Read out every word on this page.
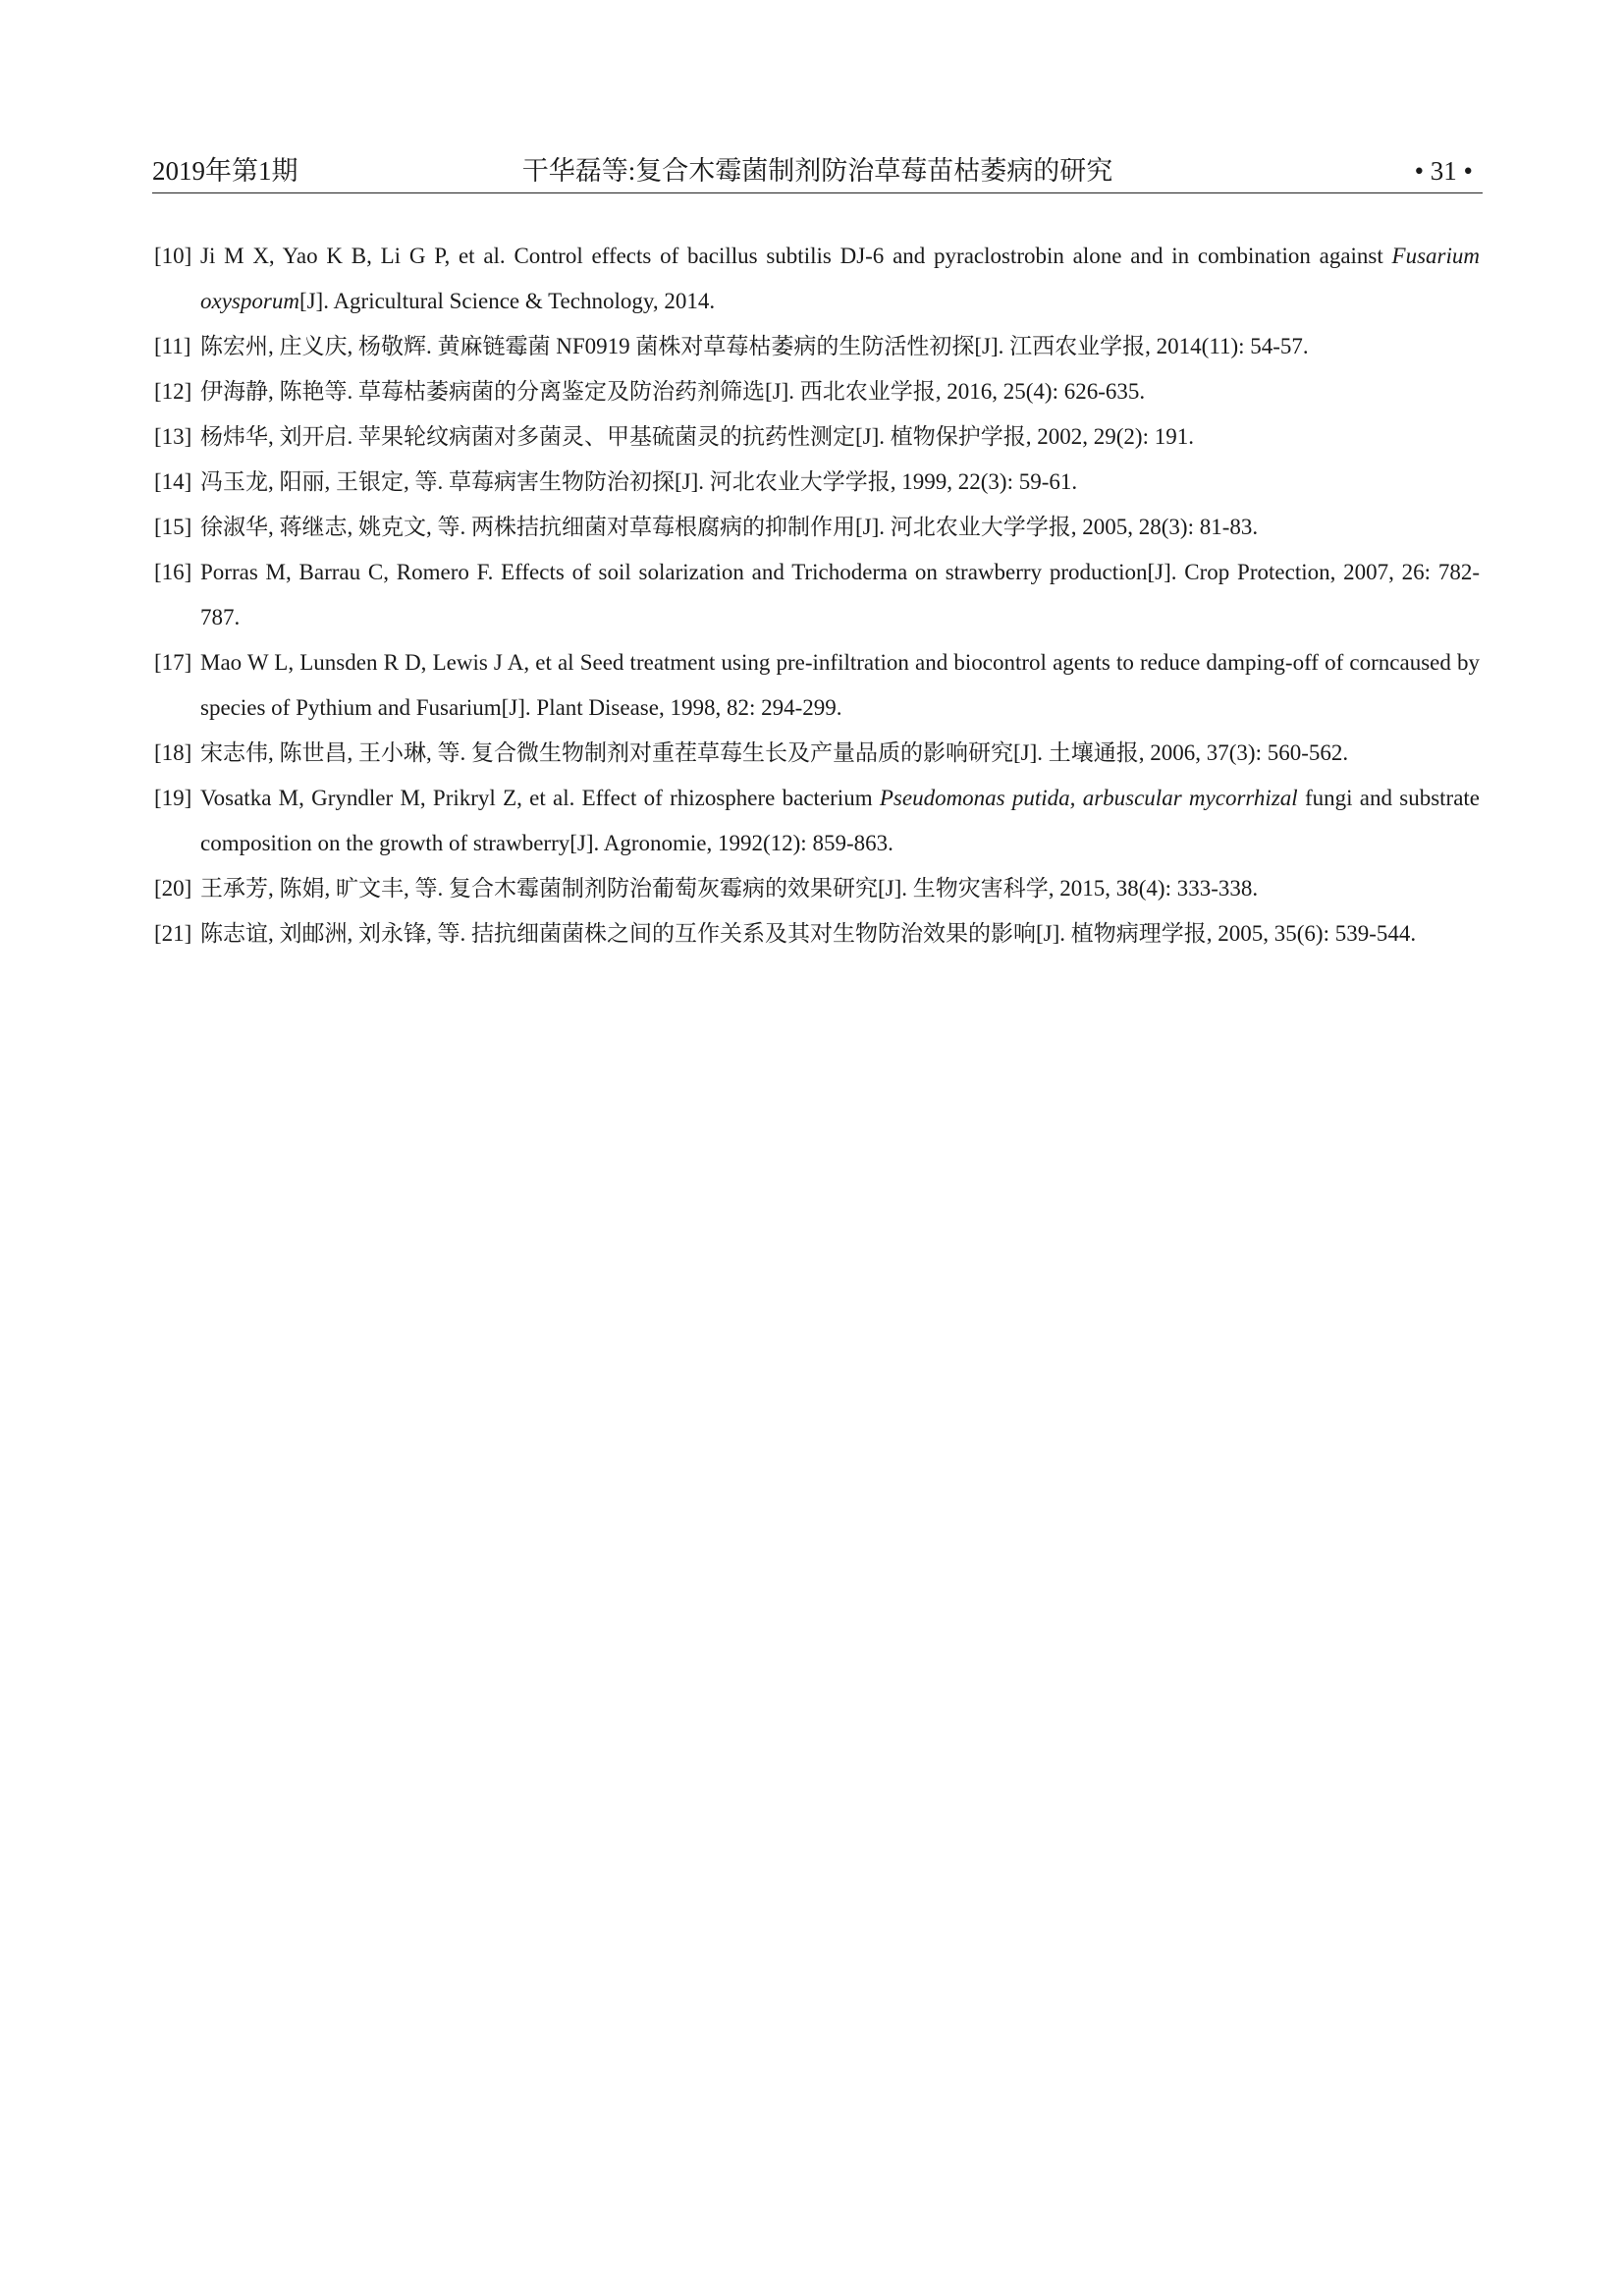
2019年第1期	干华磊等:复合木霉菌制剂防治草莓苗枯萎病的研究	• 31 •
[10] Ji M X, Yao K B, Li G P, et al. Control effects of bacillus subtilis DJ-6 and pyraclostrobin alone and in combination against Fusarium oxysporum[J]. Agricultural Science & Technology, 2014.
[11] 陈宏州, 庄义庆, 杨敬辉. 黄麻链霉菌 NF0919 菌株对草莓枯萎病的生防活性初探[J]. 江西农业学报, 2014(11): 54-57.
[12] 伊海静, 陈艳等. 草莓枯萎病菌的分离鉴定及防治药剂筛选[J]. 西北农业学报, 2016, 25(4): 626-635.
[13] 杨炜华, 刘开启. 苹果轮纹病菌对多菌灵、甲基硫菌灵的抗药性测定[J]. 植物保护学报, 2002, 29(2): 191.
[14] 冯玉龙, 阳丽, 王银定, 等. 草莓病害生物防治初探[J]. 河北农业大学学报, 1999, 22(3): 59-61.
[15] 徐淑华, 蒋继志, 姚克文, 等. 两株拮抗细菌对草莓根腐病的抑制作用[J]. 河北农业大学学报, 2005, 28(3): 81-83.
[16] Porras M, Barrau C, Romero F. Effects of soil solarization and Trichoderma on strawberry production[J]. Crop Protection, 2007, 26: 782-787.
[17] Mao W L, Lunsden R D, Lewis J A, et al Seed treatment using pre-infiltration and biocontrol agents to reduce damping-off of corncaused by species of Pythium and Fusarium[J]. Plant Disease, 1998, 82: 294-299.
[18] 宋志伟, 陈世昌, 王小琳, 等. 复合微生物制剂对重茬草莓生长及产量品质的影响研究[J]. 土壤通报, 2006, 37(3): 560-562.
[19] Vosatka M, Gryndler M, Prikryl Z, et al. Effect of rhizosphere bacterium Pseudomonas putida, arbuscular mycorrhizal fungi and substrate composition on the growth of strawberry[J]. Agronomie, 1992(12): 859-863.
[20] 王承芳, 陈娟, 旷文丰, 等. 复合木霉菌制剂防治葡萄灰霉病的效果研究[J]. 生物灾害科学, 2015, 38(4): 333-338.
[21] 陈志谊, 刘邮洲, 刘永锋, 等. 拮抗细菌菌株之间的互作关系及其对生物防治效果的影响[J]. 植物病理学报, 2005, 35(6): 539-544.
